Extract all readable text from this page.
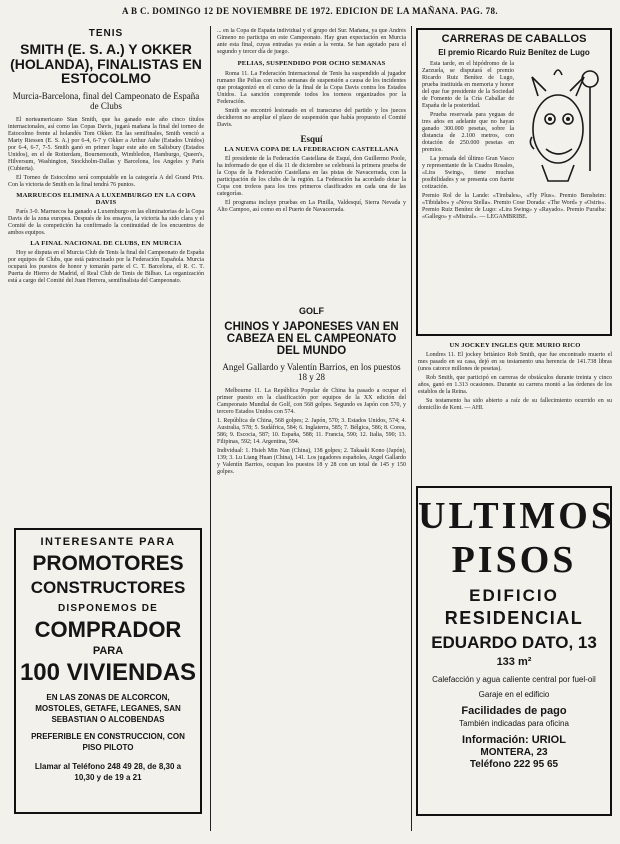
A B C. DOMINGO 12 DE NOVIEMBRE DE 1972. EDICION DE LA MAÑANA. PAG. 78.
TENIS
SMITH (E. S. A.) Y OKKER (HOLANDA), FINALISTAS EN ESTOCOLMO
Murcia-Barcelona, final del Campeonato de España de Clubs

El norteamericano Stan Smith, que ha ganado este año cinco títulos internacionales, así como las Copas Davis, jugará mañana la final del torneo de Estocolmo frente al holandés Tom Okker. En las semifinales, Smith venció a Marty Riessen (E. S. A.) por 6-4, 6-7 y Okker a Arthur Ashe (Estados Unidos) por 6-4, 6-7, 7-5. Smith ganó en primer lugar este año en Salisbury (Estados Unidos), en el de Rotterdam, Bournemouth, Wimbledon, Hamburgo, Queen's, Hilversum, Washington, Stockholm-Dallas y Barcelona, los Angeles y París (Cubierta).

El Torneo de Estocolmo será computable en la categoría A del Grand Prix. Con la victoria de Smith en la final tendrá 76 puntos.

MARRUECOS ELIMINA A LUXEMBURGO EN LA COPA DAVIS

París 3-0. Marruecos ha ganado a Luxemburgo en las eliminatorias de la Copa Davis de la zona europea. Después de los ensayos, la victoria ha sido clara y el Comité de la competición ha confirmado la continuidad de los encuentros de ambos equipos.

LA FINAL NACIONAL DE CLUBS, EN MURCIA

Hoy se disputa en el Murcia Club de Tenis la final del Campeonato de España por equipos de Clubs, que está patrocinado por la Federación Española. Murcia ocupará los puestos de honor y tomarán parte el C. T. Barcelona, el R. C. T. Puerta de Hierro de Madrid, el Real Club de Tenis de Bilbao. La organización está a cargo del Comité del Juan Herrera, semifinalista del Campeonato.

INTERESANTE PARA
PROMOTORES
CONSTRUCTORES
DISPONEMOS DE
COMPRADOR
PARA
100 VIVIENDAS
EN LAS ZONAS DE ALCORCON, MOSTOLES, GETAFE, LEGANES, SAN SEBASTIAN O ALCOBENDAS
PREFERIBLE EN CONSTRUCCION, CON PISO PILOTO
Llamar al Teléfono 248 49 28, de 8,30 a 10,30 y de 19 a 21

... en la Copa de España individual y el grupo del Sur. Mañana, ya que Andrés Gimeno no participa en este Campeonato. Hay gran expectación en Murcia ante esta final, cuyas entradas ya están a la venta. Se han agotado para el segundo y tercer día de juego.

PELIAS, SUSPENDIDO POR OCHO SEMANAS

Roma 11. La Federación Internacional de Tenis ha suspendido al jugador rumano Ilie Pelias con ocho semanas de suspensión a causa de los incidentes que protagonizó en el curso de la final de la Copa Davis contra los Estados Unidos. La sanción comprende todos los torneos organizados por la Federación.

Smith se encontró lesionado en el transcurso del partido y los jueces decidieron no ampliar el plazo de suspensión que había propuesto el Comité Davis.

Esquí
LA NUEVA COPA DE LA FEDERACION CASTELLANA

El presidente de la Federación Castellana de Esquí, don Guillermo Poole, ha informado de que el día 11 de diciembre se celebrará la primera prueba de la Copa de la Federación Castellana en las pistas de Navacerrada, con la participación de los clubs de la región. La Federación ha acordado dotar la Copa con trofeos para los tres primeros clasificados en cada una de las categorías.

El programa incluye pruebas en La Pinilla, Valdesquí, Sierra Nevada y Alto Campoo, así como en el Puerto de Navacerrada.

GOLF
CHINOS Y JAPONESES VAN EN CABEZA EN EL CAMPEONATO DEL MUNDO
Angel Gallardo y Valentín Barrios, en los puestos 18 y 28

Melbourne 11. La República Popular de China ha pasado a ocupar el primer puesto en la clasificación por equipos de la XX edición del Campeonato Mundial de Golf, con 568 golpes. Segundo es Japón con 570, y tercero Estados Unidos con 574.

1. República de China, 568 golpes; 2. Japón, 570; 3. Estados Unidos, 574; 4. Australia, 578; 5. Sudáfrica, 584; 6. Inglaterra, 585; 7. Bélgica, 586; 8. Corea, 586; 9. Escocia, 587; 10. España, 588; 11. Francia, 590; 12. Italia, 590; 13. Filipinas, 592; 14. Argentina, 594.

Individual: 1. Hsieh Min Nan (China), 138 golpes; 2. Takaaki Kono (Japón), 139; 3. Lu Liang Huan (China), 141. Los jugadores españoles, Angel Gallardo y Valentín Barrios, ocupan los puestos 18 y 28 con un total de 145 y 150 golpes.

CARRERAS DE CABALLOS
El premio Ricardo Ruiz Benítez de Lugo

Esta tarde, en el hipódromo de la Zarzuela, se disputará el premio Ricardo Ruiz Benítez de Lugo, prueba instituida en memoria y honor del que fue presidente de la Sociedad de Fomento de la Cría Caballar de España de la posteridad.

Prueba reservada para yeguas de tres años en adelante que no hayan ganado 300.000 pesetas, sobre la distancia de 2.100 metros, con dotación de 250.000 pesetas en premios.

La jornada del último Gran Vasco y representante de la Cuadra Rosales, «Lira Swing», tiene muchas posibilidades y se presenta con fuerte cotización.

Premio Rol de la Lande: «Timbales», «Fly Plus». Premio Bensheim: «Tibidabo» y «Nova Stella». Premio Cose Dorada: «The Word» y «Osiris». Premio Ruiz Benítez de Lugo: «Lira Swing» y «Rayado». Premio Furaiba: «Gallego» y «Mistral». — LEGAMBRIBE.

UN JOCKEY INGLES QUE MURIO RICO

Londres 11. El jockey británico Rob Smith, que fue encontrado muerto el mes pasado en su casa, dejó en su testamento una herencia de 141.738 libras (unos catorce millones de pesetas).

Rob Smith, que participó en carreras de obstáculos durante treinta y cinco años, ganó en 1.313 ocasiones. Durante su carrera montó a las órdenes de los establos de la Reina.

Su testamento ha sido abierto a raíz de su fallecimiento ocurrido en su domicilio de Kent. — AHI.

ULTIMOS
PISOS
EDIFICIO
RESIDENCIAL
EDUARDO DATO, 13
133 m²
Calefacción y agua caliente central por fuel-oil
Garaje en el edificio
Facilidades de pago
También indicadas para oficina
Información: URIOL
MONTERA, 23
Teléfono 222 95 65
